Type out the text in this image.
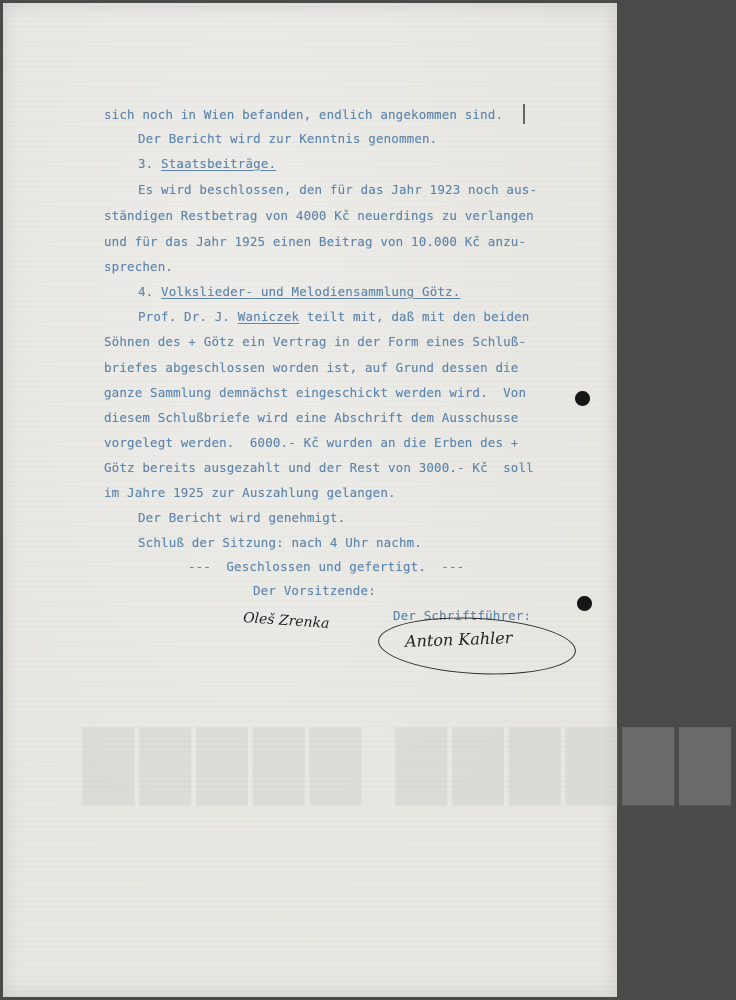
█████ ██████
sich noch in Wien befanden, endlich angekommen sind.
Der Bericht wird zur Kenntnis genommen.
3. Staatsbeiträge.
Es wird beschlossen, den für das Jahr 1923 noch aus-
ständigen Restbetrag von 4000 Kč neuerdings zu verlangen
und für das Jahr 1925 einen Beitrag von 10.000 Kč anzu-
sprechen.
4. Volkslieder- und Melodiensammlung Götz.
Prof. Dr. J. Waniczek teilt mit, daß mit den beiden
Söhnen des + Götz ein Vertrag in der Form eines Schluß-
briefes abgeschlossen worden ist, auf Grund dessen die
ganze Sammlung demnächst eingeschickt werden wird.  Von
diesem Schlußbriefe wird eine Abschrift dem Ausschusse
vorgelegt werden.  6000.- Kč wurden an die Erben des +
Götz bereits ausgezahlt und der Rest von 3000.- Kč  soll
im Jahre 1925 zur Auszahlung gelangen.
Der Bericht wird genehmigt.
Schluß der Sitzung: nach 4 Uhr nachm.
---  Geschlossen und gefertigt.  ---
Der Vorsitzende:
Der Schriftführer:
Oleš Zrenka
Anton Kahler
